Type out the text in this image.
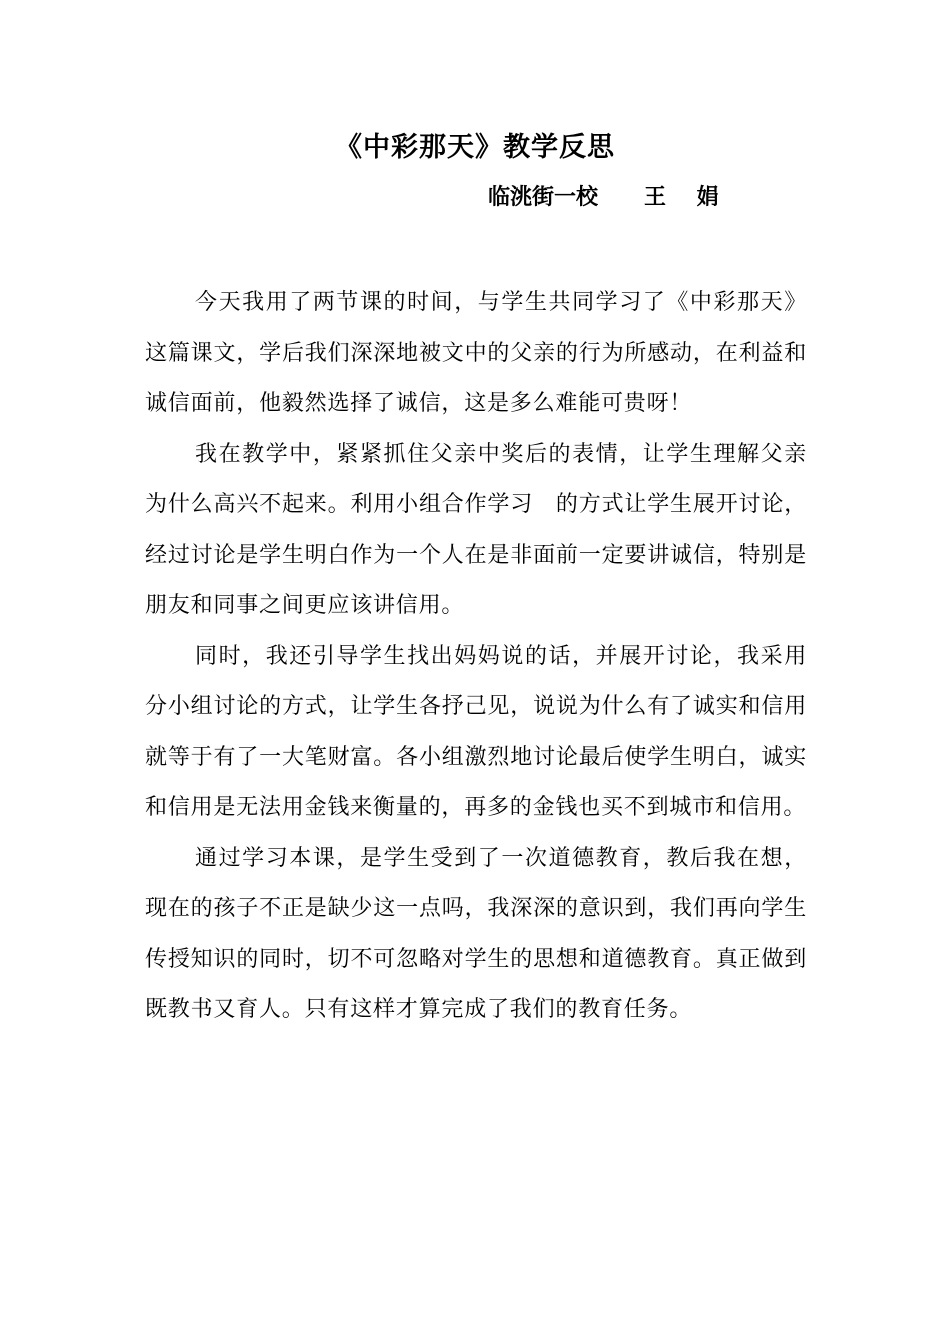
《中彩那天》教学反思
临洮街一校      王    娟

今天我用了两节课的时间，与学生共同学习了《中彩那天》这篇课文，学后我们深深地被文中的父亲的行为所感动，在利益和诚信面前，他毅然选择了诚信，这是多么难能可贵呀！

我在教学中，紧紧抓住父亲中奖后的表情，让学生理解父亲为什么高兴不起来。利用小组合作学习　的方式让学生展开讨论，经过讨论是学生明白作为一个人在是非面前一定要讲诚信，特别是朋友和同事之间更应该讲信用。

同时，我还引导学生找出妈妈说的话，并展开讨论，我采用分小组讨论的方式，让学生各抒己见，说说为什么有了诚实和信用就等于有了一大笔财富。各小组激烈地讨论最后使学生明白，诚实和信用是无法用金钱来衡量的，再多的金钱也买不到城市和信用。

通过学习本课，是学生受到了一次道德教育，教后我在想，现在的孩子不正是缺少这一点吗，我深深的意识到，我们再向学生传授知识的同时，切不可忽略对学生的思想和道德教育。真正做到既教书又育人。只有这样才算完成了我们的教育任务。
